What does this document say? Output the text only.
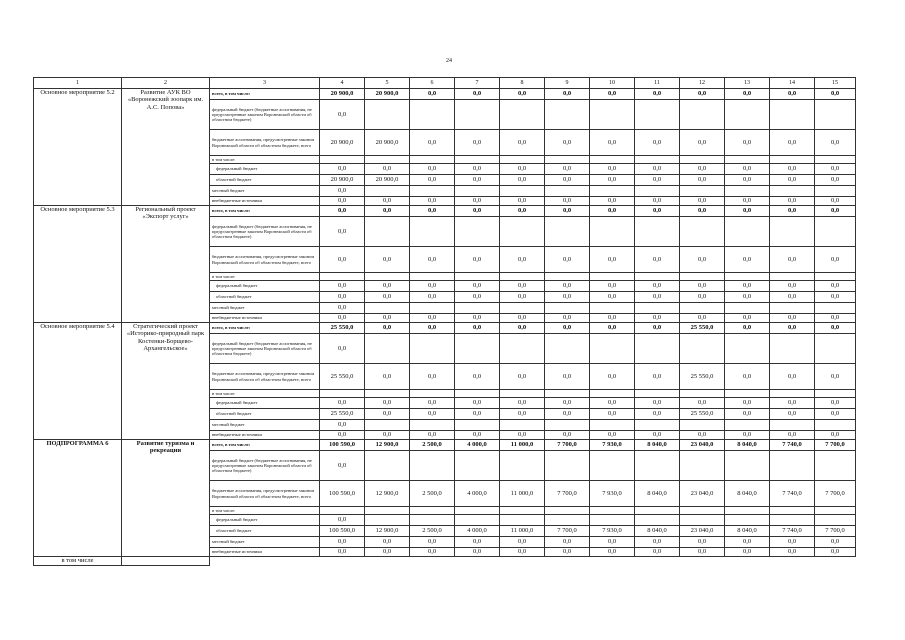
24
1	2	3	4	5	6	7	8	9	10	11	12	13	14	15
Основное мероприятие 5.2	Развитие АУК ВО «Воронежский зоопарк им. А.С. Попова»	всего, в том числе:	20 900,0	20 900,0	0,0	0,0	0,0	0,0	0,0	0,0	0,0	0,0	0,0	0,0
		федеральный бюджет (бюджетные ассигнования, не предусмотренные законом Воронежской области об областном бюджете)	0,0											
		бюджетные ассигнования, предусмотренные законом Воронежской области об областном бюджете, всего	20 900,0	20 900,0	0,0	0,0	0,0	0,0	0,0	0,0	0,0	0,0	0,0	0,0
		в том числе:												
		федеральный бюджет	0,0	0,0	0,0	0,0	0,0	0,0	0,0	0,0	0,0	0,0	0,0	0,0
		областной бюджет	20 900,0	20 900,0	0,0	0,0	0,0	0,0	0,0	0,0	0,0	0,0	0,0	0,0
		местный бюджет	0,0											
		внебюджетные источники	0,0	0,0	0,0	0,0	0,0	0,0	0,0	0,0	0,0	0,0	0,0	0,0
Основное мероприятие 5.3	Региональный проект «Экспорт услуг»	всего, в том числе:	0,0	0,0	0,0	0,0	0,0	0,0	0,0	0,0	0,0	0,0	0,0	0,0
		федеральный бюджет (бюджетные ассигнования, не предусмотренные законом Воронежской области об областном бюджете)	0,0											
		бюджетные ассигнования, предусмотренные законом Воронежской области об областном бюджете, всего	0,0	0,0	0,0	0,0	0,0	0,0	0,0	0,0	0,0	0,0	0,0	0,0
		в том числе:												
		федеральный бюджет	0,0	0,0	0,0	0,0	0,0	0,0	0,0	0,0	0,0	0,0	0,0	0,0
		областной бюджет	0,0	0,0	0,0	0,0	0,0	0,0	0,0	0,0	0,0	0,0	0,0	0,0
		местный бюджет	0,0											
		внебюджетные источники	0,0	0,0	0,0	0,0	0,0	0,0	0,0	0,0	0,0	0,0	0,0	0,0
Основное мероприятие 5.4	Стратегический проект «Историко-природный парк Костенки-Борщево-Архангельское»	всего, в том числе:	25 550,0	0,0	0,0	0,0	0,0	0,0	0,0	0,0	25 550,0	0,0	0,0	0,0
		федеральный бюджет (бюджетные ассигнования, не предусмотренные законом Воронежской области об областном бюджете)	0,0											
		бюджетные ассигнования, предусмотренные законом Воронежской области об областном бюджете, всего	25 550,0	0,0	0,0	0,0	0,0	0,0	0,0	0,0	25 550,0	0,0	0,0	0,0
		в том числе:												
		федеральный бюджет	0,0	0,0	0,0	0,0	0,0	0,0	0,0	0,0	0,0	0,0	0,0	0,0
		областной бюджет	25 550,0	0,0	0,0	0,0	0,0	0,0	0,0	0,0	25 550,0	0,0	0,0	0,0
		местный бюджет	0,0											
		внебюджетные источники	0,0	0,0	0,0	0,0	0,0	0,0	0,0	0,0	0,0	0,0	0,0	0,0
ПОДПРОГРАММА 6	Развитие туризма и рекреации	всего, в том числе:	100 590,0	12 900,0	2 500,0	4 000,0	11 000,0	7 700,0	7 930,0	8 040,0	23 040,0	8 040,0	7 740,0	7 700,0
		федеральный бюджет (бюджетные ассигнования, не предусмотренные законом Воронежской области об областном бюджете)	0,0											
		бюджетные ассигнования, предусмотренные законом Воронежской области об областном бюджете, всего	100 590,0	12 900,0	2 500,0	4 000,0	11 000,0	7 700,0	7 930,0	8 040,0	23 040,0	8 040,0	7 740,0	7 700,0
		в том числе:												
		федеральный бюджет	0,0											
		областной бюджет	100 590,0	12 900,0	2 500,0	4 000,0	11 000,0	7 700,0	7 930,0	8 040,0	23 040,0	8 040,0	7 740,0	7 700,0
		местный бюджет	0,0	0,0	0,0	0,0	0,0	0,0	0,0	0,0	0,0	0,0	0,0	0,0
		внебюджетные источники	0,0	0,0	0,0	0,0	0,0	0,0	0,0	0,0	0,0	0,0	0,0	0,0
в том числе														
